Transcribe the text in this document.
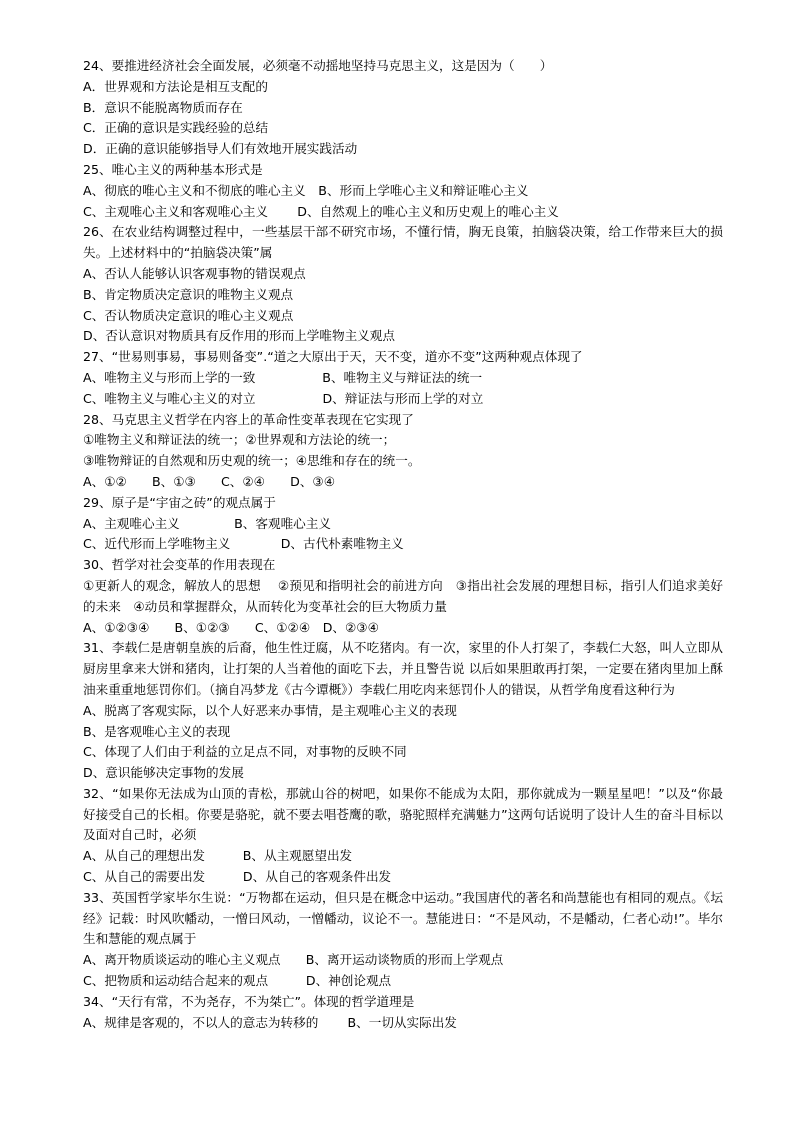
24、要推进经济社会全面发展，必须毫不动摇地坚持马克思主义，这是因为（　　）
A．世界观和方法论是相互支配的
B．意识不能脱离物质而存在
C．正确的意识是实践经验的总结
D．正确的意识能够指导人们有效地开展实践活动
25、唯心主义的两种基本形式是
A、彻底的唯心主义和不彻底的唯心主义　B、形而上学唯心主义和辩证唯心主义
C、主观唯心主义和客观唯心主义　　 D、自然观上的唯心主义和历史观上的唯心主义
26、在农业结构调整过程中，一些基层干部不研究市场，不懂行情，胸无良策，拍脑袋决策，给工作带来巨大的损失。上述材料中的“拍脑袋决策”属
A、否认人能够认识客观事物的错误观点
B、肯定物质决定意识的唯物主义观点
C、否认物质决定意识的唯心主义观点
D、否认意识对物质具有反作用的形而上学唯物主义观点
27、“世易则事易，事易则备变”.“道之大原出于天，天不变，道亦不变”这两种观点体现了
A、唯物主义与形而上学的一致　　　　　 B、唯物主义与辩证法的统一
C、唯物主义与唯心主义的对立　　　　　 D、辩证法与形而上学的对立
28、马克思主义哲学在内容上的革命性变革表现在它实现了
①唯物主义和辩证法的统一；②世界观和方法论的统一；
③唯物辩证的自然观和历史观的统一；④思维和存在的统一。
A、①②　　B、①③　　C、②④　　D、③④
29、原子是“宇宙之砖”的观点属于
A、主观唯心主义　　　　 B、客观唯心主义
C、近代形而上学唯物主义　　　　D、古代朴素唯物主义
30、哲学对社会变革的作用表现在
①更新人的观念，解放人的思想　 ②预见和指明社会的前进方向　③指出社会发展的理想目标，指引人们追求美好的未来　④动员和掌握群众，从而转化为变革社会的巨大物质力量
A、①②③④　　B、①②③　　C、①②④　D、②③④
31、李载仁是唐朝皇族的后裔，他生性迂腐，从不吃猪肉。有一次，家里的仆人打架了，李载仁大怒，叫人立即从厨房里拿来大饼和猪肉，让打架的人当着他的面吃下去，并且警告说 以后如果胆敢再打架，一定要在猪肉里加上酥油来重重地惩罚你们。（摘自冯梦龙《古今谭概》）李载仁用吃肉来惩罚仆人的错误，从哲学角度看这种行为
A、脱离了客观实际，以个人好恶来办事情，是主观唯心主义的表现
B、是客观唯心主义的表现
C、体现了人们由于利益的立足点不同，对事物的反映不同
D、意识能够决定事物的发展
32、“如果你无法成为山顶的青松，那就山谷的树吧，如果你不能成为太阳，那你就成为一颗星星吧！”以及“你最好接受自己的长相。你要是骆驼，就不要去唱苍鹰的歌，骆驼照样充满魅力”这两句话说明了设计人生的奋斗目标以及面对自己时，必须
A、从自己的理想出发　　　B、从主观愿望出发
C、从自己的需要出发　　　D、从自己的客观条件出发
33、英国哲学家毕尔生说：“万物都在运动，但只是在概念中运动。”我国唐代的著名和尚慧能也有相同的观点。《坛经》记载：时风吹幡动，一憎曰风动，一憎幡动，议论不一。慧能进日：“不是风动，不是幡动，仁者心动!”。毕尔生和慧能的观点属于
A、离开物质谈运动的唯心主义观点　　B、离开运动谈物质的形而上学观点
C、把物质和运动结合起来的观点　　　D、神创论观点
34、“天行有常，不为尧存，不为桀亡”。体现的哲学道理是
A、规律是客观的，不以人的意志为转移的　　 B、一切从实际出发
